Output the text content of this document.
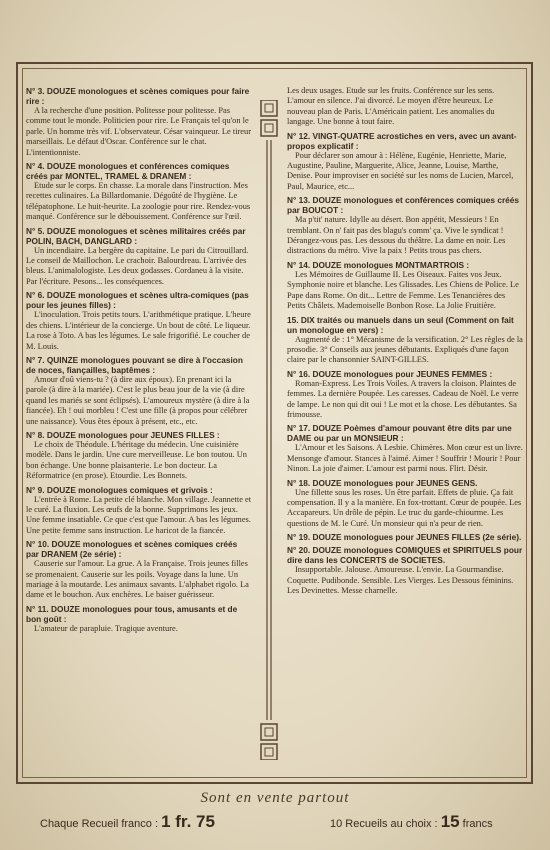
N° 3. DOUZE monologues et scènes comiques pour faire rire :
A la recherche d'une position. Politesse pour politesse. Pas comme tout le monde. Politicien pour rire. Le Français tel qu'on le parle. Un homme très vif. L'observateur. César vainqueur. Le tireur marseillais. Le défaut d'Oscar. Conférence sur le chat. L'intentionniste.
N° 4. DOUZE monologues et conférences comiques créés par MONTEL, TRAMEL & DRANEM :
Etude sur le corps. En chasse. La morale dans l'instruction. Mes recettes culinaires. La Billardomanie. Dégoûté de l'hygiène. Le télépatophone. Le huit-heurite. La zoologie pour rire. Rendez-vous manqué. Conférence sur le débouissement. Conférence sur l'œil.
N° 5. DOUZE monologues et scènes militaires créés par POLIN, BACH, DANGLARD :
Un incendiaire. La bergère du capitaine. Le pari du Citrouillard. Le conseil de Maillochon. Le crachoir. Balourdreau. L'arrivée des bleus. L'animalologiste. Les deux godasses. Cordaneu à la visite. Par l'écriture. Pesons... les conséquences.
N° 6. DOUZE monologues et scènes ultra-comiques (pas pour les jeunes filles) :
L'inoculation. Trois petits tours. L'arithmétique pratique. L'heure des chiens. L'intérieur de la concierge. Un bout de côté. Le liqueur. La rose à Toto. A bas les légumes. Le sale frigorifié. Le coucher de M. Louis.
N° 7. QUINZE monologues pouvant se dire à l'occasion de noces, fiançailles, baptêmes :
Amour d'oû viens-tu ? (à dire aux époux). En prenant ici la parole (à dire à la mariée). C'est le plus beau jour de la vie (à dire quand les mariés se sont éclipsés). L'amoureux mystère (à dire à la fiancée). Eh ! oui morbleu ! C'est une fille (à propos pour célébrer une naissance). Vous êtes époux à présent, etc., etc.
N° 8. DOUZE monologues pour JEUNES FILLES :
Le choix de Théodule. L'héritage du médecin. Une cuisinière modèle. Dans le jardin. Une cure merveilleuse. Le bon toutou. Un bon échange. Une bonne plaisanterie. Le bon docteur. La Réformatrice (en prose). Etourdie. Les Bonnets.
N° 9. DOUZE monologues comiques et grivois :
L'entrée à Rome. La petite clé blanche. Mon village. Jeannette et le curé. La fluxion. Les œufs de la bonne. Supprimons les jeux. Une femme insatiable. Ce que c'est que l'amour. A bas les légumes. Une petite femme sans instruction. Le haricot de la fiancée.
N° 10. DOUZE monologues et scènes comiques créés par DRANEM (2e série) :
Causerie sur l'amour. La grue. A la Française. Trois jeunes filles se promenaient. Causerie sur les poils. Voyage dans la lune. Un mariage à la moutarde. Les animaux savants. L'alphabet rigolo. La dame et le bouchon. Aux enchères. Le baiser guérisseur.
N° 11. DOUZE monologues pour tous, amusants et de bon goût :
L'amateur de parapluie. Tragique aventure.
Les deux usages. Etude sur les fruits. Conférence sur les sens. L'amour en silence. J'ai divorcé. Le moyen d'être heureux. Le nouveau plan de Paris. L'Américain patient. Les anomalies du langage. Une bonne à tout faire.
N° 12. VINGT-QUATRE acrostiches en vers, avec un avant-propos explicatif :
Pour déclarer son amour à : Hélène, Eugénie, Henriette, Marie, Augustine, Pauline, Marguerite, Alice, Jeanne, Louise, Marthe, Denise. Pour improviser en société sur les noms de Lucien, Marcel, Paul, Maurice, etc...
N° 13. DOUZE monologues et conférences comiques créés par BOUCOT :
Ma p'tit' nature. Idylle au désert. Bon appétit, Messieurs ! En tremblant. On n' fait pas des blagu's comm' ça. Vive le syndicat ! Dérangez-vous pas. Les dessous du théâtre. La dame en noir. Les distractions du métro. Vive la paix ! Petits trous pas chers.
N° 14. DOUZE monologues MONTMARTROIS :
Les Mémoires de Guillaume II. Les Oiseaux. Faites vos Jeux. Symphonie noire et blanche. Les Glissades. Les Chiens de Police. Le Pape dans Rome. On dit... Lettre de Femme. Les Tenancières des Petits Châlets. Mademoiselle Bonbon Rose. La Jolie Fruitière.
15. DIX traités ou manuels dans un seul (Comment on fait un monologue en vers) :
Augmenté de : 1° Mécanisme de la versification. 2° Les règles de la prosodie. 3° Conseils aux jeunes débutants. Expliqués d'une façon claire par le chansonnier SAINT-GILLES.
N° 16. DOUZE monologues pour JEUNES FEMMES :
Roman-Express. Les Trois Voiles. A travers la cloison. Plaintes de femmes. La dernière Poupée. Les caresses. Cadeau de Noël. Le verre de lampe. Le non qui dit oui ! Le mot et la chose. Les débutantes. Sa frimousse.
N° 17. DOUZE Poèmes d'amour pouvant être dits par une DAME ou par un MONSIEUR :
L'Amour et les Saisons. A Lesbie. Chimères. Mon cœur est un livre. Mensonge d'amour. Stances à l'aimé. Aimer ! Souffrir ! Mourir ! Pour Ninon. La joie d'aimer. L'amour est parmi nous. Flirt. Désir.
N° 18. DOUZE monologues pour JEUNES GENS.
Une fillette sous les roses. Un être parfait. Effets de pluie. Ça fait compensation. Il y a la manière. En fox-trottant. Cœur de poupée. Les Accapareurs. Un drôle de pépin. Le truc du garde-chiourme. Les questions de M. le Curé. Un monsieur qui n'a peur de rien.
N° 19. DOUZE monologues pour JEUNES FILLES (2e série).
N° 20. DOUZE monologues COMIQUES et SPIRITUELS pour dire dans les CONCERTS de SOCIETES.
Insupportable. Jalouse. Amoureuse. L'envie. La Gourmandise. Coquette. Pudibonde. Sensible. Les Vierges. Les Dessous féminins. Les Devinettes. Messe charnelle.
Sont en vente partout
Chaque Recueil franco : 1 fr. 75	10 Recueils au choix : 15 francs
